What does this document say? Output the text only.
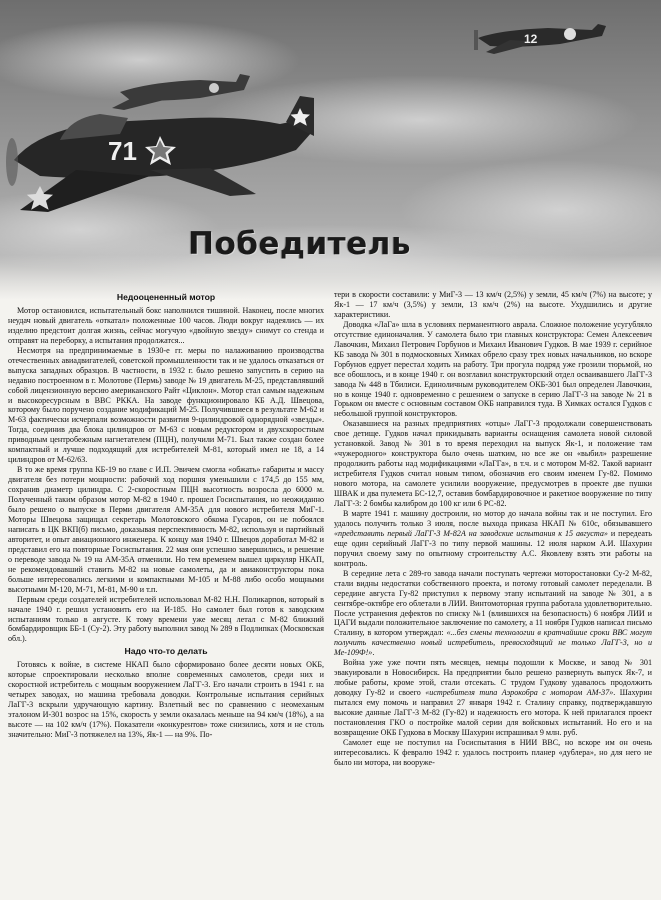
12
71
Победитель
Недооцененный мотор

Мотор остановился, испытательный бокс наполнился тишиной. Наконец, после многих неудач новый двигатель «откатал» положенные 100 часов. Люди вокруг надеялись — их изделию предстоит долгая жизнь, сейчас могучую «двойную звезду» снимут со стенда и отправят на переборку, а испытания продолжатся...

Несмотря на предпринимаемые в 1930-е гг. меры по налаживанию производства отечественных авиадвигателей, советской промышленности так и не удалось отказаться от выпуска западных образцов. В частности, в 1932 г. было решено запустить в серию на недавно построенном в г. Молотове (Пермь) заводе № 19 двигатель М-25, представлявший собой лицензионную версию американского Райт «Циклон». Мотор стал самым надежным и высокоресурсным в ВВС РККА. На заводе функционировало КБ А.Д. Швецова, которому было поручено создание модификаций М-25. Получившиеся в результате М-62 и М-63 фактически исчерпали возможности развития 9-цилиндровой однорядной «звезды». Тогда, соединив два блока цилиндров от М-63 с новым редуктором и двухскоростным приводным центробежным нагнетателем (ПЦН), получили М-71. Был также создан более компактный и лучше подходящий для истребителей М-81, который имел не 18, а 14 цилиндров от М-62/63.

В то же время группа КБ-19 во главе с И.П. Эвичем смогла «обжать» габариты и массу двигателя без потери мощности: рабочий ход поршня уменьшили с 174,5 до 155 мм, сохранив диаметр цилиндра. С 2-скоростным ПЦН высотность возросла до 6000 м. Полученный таким образом мотор М-82 в 1940 г. прошел Госиспытания, но неожиданно было решено о выпуске в Перми двигателя АМ-35А для нового истребителя МиГ-1. Моторы Швецова защищал секретарь Молотовского обкома Гусаров, он не побоялся написать в ЦК ВКП(б) письмо, доказывая перспективность М-82, используя и партийный авторитет, и опыт авиационного инженера. К концу мая 1940 г. Швецов доработал М-82 и представил его на повторные Госиспытания. 22 мая они успешно завершились, и решение о переводе завода № 19 на АМ-35А отменили. Но тем временем вышел циркуляр НКАП, не рекомендовавший ставить М-82 на новые самолеты, да и авиаконструкторы пока больше интересовались легкими и компактными М-105 и М-88 либо особо мощными высотными М-120, М-71, М-81, М-90 и т.п.

Первым среди создателей истребителей использовал М-82 Н.Н. Поликарпов, который в начале 1940 г. решил установить его на И-185. Но самолет был готов к заводским испытаниям только в августе. К тому времени уже месяц летал с М-82 ближний бомбардировщик ББ-1 (Су-2). Эту работу выполнил завод № 289 в Подлипках (Московская обл.).

Надо что-то делать

Готовясь к войне, в системе НКАП было сформировано более десяти новых ОКБ, которые спроектировали несколько вполне современных самолетов, среди них и скоростной истребитель с мощным вооружением ЛаГГ-3. Его начали строить в 1941 г. на четырех заводах, но машина требовала доводки. Контрольные испытания серийных ЛаГГ-3 вскрыли удручающую картину. Взлетный вес по сравнению с неомеханым эталоном И-301 возрос на 15%, скорость у земли оказалась меньше на 94 км/ч (18%), а на высоте — на 102 км/ч (17%). Показатели «конкурентов» тоже снизились, хотя и не столь значительно: МиГ-3 потяжелел на 13%, Як-1 — на 9%. По-

тери в скорости составили: у МиГ-3 — 13 км/ч (2,5%) у земли, 45 км/ч (7%) на высоте; у Як-1 — 17 км/ч (3,5%) у земли, 13 км/ч (2%) на высоте. Ухудшились и другие характеристики.

Доводка «ЛаГа» шла в условиях перманентного аврала. Сложное положение усугубляло отсутствие единоначалия. У самолета было три главных конструктора: Семен Алексеевич Лавочкин, Михаил Петрович Горбунов и Михаил Иванович Гудков. В мае 1939 г. серийное КБ завода № 301 в подмосковных Химках обрело сразу трех новых начальников, но вскоре Горбунов едрует перестал ходить на работу. Три прогула подряд уже грозили тюрьмой, но все обошлось, и в конце 1940 г. он возглавил конструкторский отдел осваивавшего ЛаГГ-3 завода № 448 в Тбилиси. Единоличным руководителем ОКБ-301 был определен Лавочкин, но в конце 1940 г. одновременно с решением о запуске в серию ЛаГГ-3 на заводе № 21 в Горьком он вместе с основным составом ОКБ направился туда. В Химках остался Гудков с небольшой группой конструкторов.

Оказавшиеся на разных предприятиях «отцы» ЛаГГ-3 продолжали совершенствовать свое детище. Гудков начал прикидывать варианты оснащения самолета новой силовой установкой. Завод № 301 в то время переходил на выпуск Як-1, и положение там «чужеродного» конструктора было очень шатким, но все же он «выбил» разрешение продолжить работы над модификациями «ЛаГГа», в т.ч. и с мотором М-82. Такой вариант истребителя Гудков считал новым типом, обозначив его своим именем Гу-82. Помимо нового мотора, на самолете усилили вооружение, предусмотрев в проекте две пушки ШВАК и два пулемета БС-12,7, оставив бомбардировочное и ракетное вооружение по типу ЛаГГ-3: 2 бомбы калибром до 100 кг или 6 РС-82.

В марте 1941 г. машину достроили, но мотор до начала войны так и не поступил. Его удалось получить только 3 июля, после выхода приказа НКАП № 610с, обязывавшего «представить первый ЛаГГ-3 М-82А на заводские испытания к 15 августа» и передеать еще один серийный ЛаГГ-3 по типу первой машины. 12 июля нарком А.И. Шахурин поручил своему заму по опытному строительству А.С. Яковлеву взять эти работы на контроль.

В середине лета с 289-го завода начали поступать чертежи моторостановки Су-2 М-82, стали видны недостатки собственного проекта, и потому готовый самолет переделали. В середине августа Гу-82 приступил к первому этапу испытаний на заводе № 301, а в сентябре-октябре его облетали в ЛИИ. Винтомоторная группа работала удовлетворительно. После устранения дефектов по списку №1 (влившихся на безопасность) 6 ноября ЛИИ и ЦАГИ выдали положительное заключение по самолету, а 11 ноября Гудков написал письмо Сталину, в котором утверждал: «...без смены технологии в кратчайшие сроки ВВС могут получить качественно новый истребитель, превосходящий не только ЛаГГ-3, но и Ме-109Ф!».

Война уже уже почти пять месяцев, немцы подошли к Москве, и завод № 301 эвакуировали в Новосибирск. На предприятии было решено развернуть выпуск Як-7, и любые работы, кроме этой, стали отсекать. С трудом Гудкову удавалось продолжить доводку Гу-82 и своего «истребителя типа Аэрокобра с мотором АМ-37». Шахурин пытался ему помочь и направил 27 января 1942 г. Сталину справку, подтверждавшую высокие данные ЛаГГ-3 М-82 (Гу-82) и надежность его мотора. К ней прилагался проект постановления ГКО о постройке малой серии для войсковых испытаний. Но его и на возвращение ОКБ Гудкова в Москву Шахурин испрашивал 9 млн. руб.

Самолет еще не поступил на Госиспытания в НИИ ВВС, но вскоре им он очень интересовались. К февралю 1942 г. удалось построить планер «дублера», но для него не было ни мотора, ни вооруже-
